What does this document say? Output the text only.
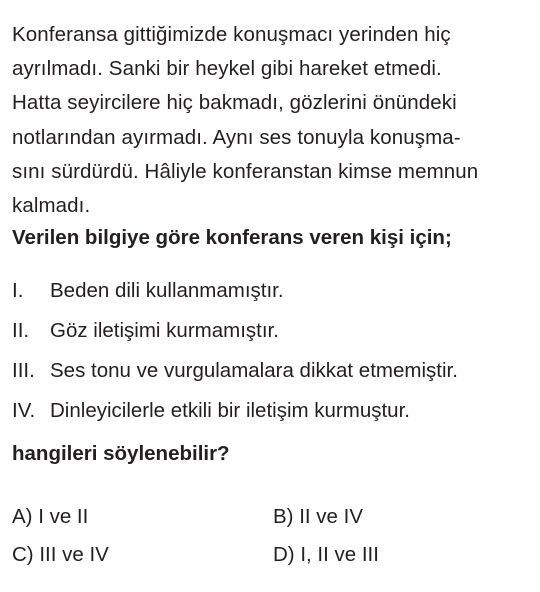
Konferansa gittiğimizde konuşmacı yerinden hiç
ayrılmadı. Sanki bir heykel gibi hareket etmedi.
Hatta seyircilere hiç bakmadı, gözlerini önündeki
notlarından ayırmadı. Aynı ses tonuyla konuşma-
sını sürdürdü. Hâliyle konferanstan kimse memnun
kalmadı.
Verilen bilgiye göre konferans veren kişi için;
I. Beden dili kullanmamıştır.
II. Göz iletişimi kurmamıştır.
III. Ses tonu ve vurgulamalara dikkat etmemiştir.
IV. Dinleyicilerle etkili bir iletişim kurmuştur.
hangileri söylenebilir?
A) I ve II	B) II ve IV
C) III ve IV	D) I, II ve III
